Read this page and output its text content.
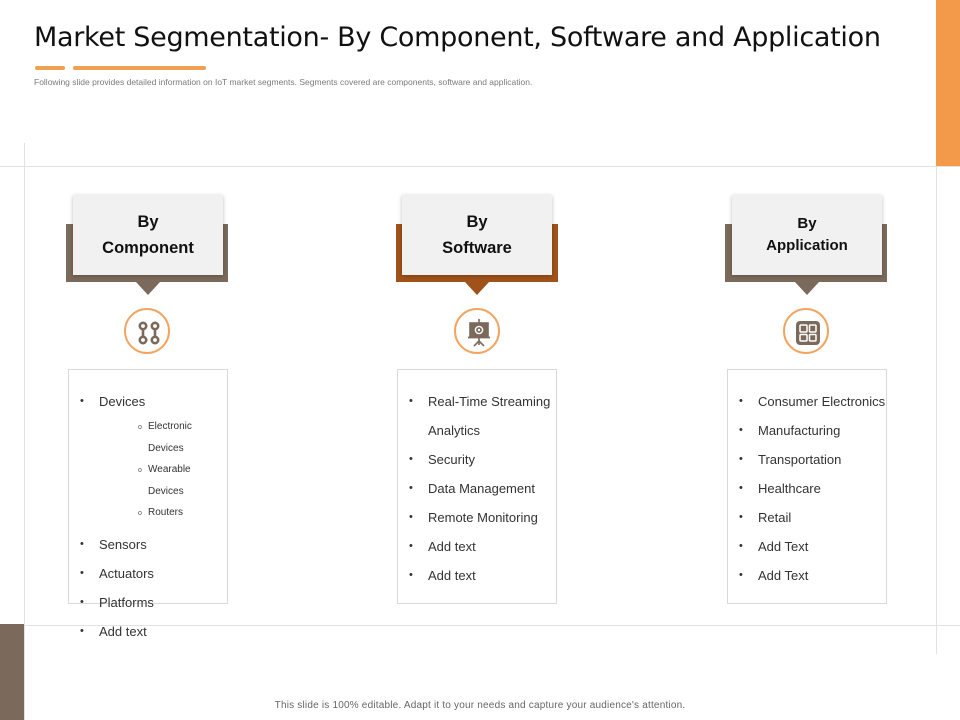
Market Segmentation- By Component, Software and Application
Following slide provides detailed information on IoT market segments. Segments covered are components, software and application.
By
Component
• Devices
o Electronic Devices
o Wearable Devices
o Routers
• Sensors
• Actuators
• Platforms
• Add text
By
Software
• Real-Time Streaming
Analytics
• Security
• Data Management
• Remote Monitoring
• Add text
• Add text
By
Application
• Consumer Electronics
• Manufacturing
• Transportation
• Healthcare
• Retail
• Add Text
• Add Text
This slide is 100% editable. Adapt it to your needs and capture your audience's attention.
